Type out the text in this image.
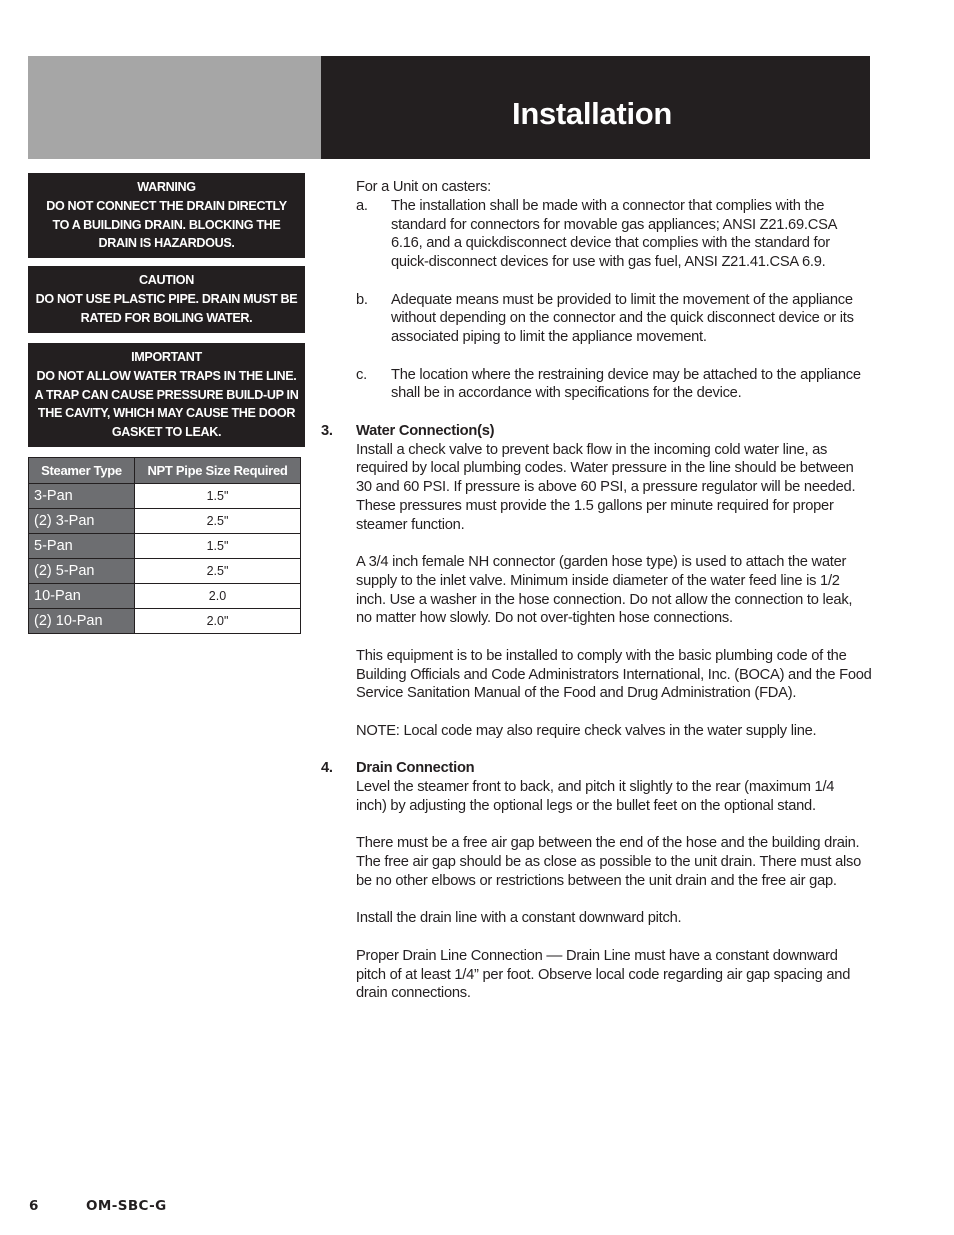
Installation
WARNING
DO NOT CONNECT THE DRAIN DIRECTLY
TO A BUILDING DRAIN. BLOCKING THE
DRAIN IS HAZARDOUS.
CAUTION
DO NOT USE PLASTIC PIPE. DRAIN MUST BE
RATED FOR BOILING WATER.
IMPORTANT
DO NOT ALLOW WATER TRAPS IN THE LINE.
A TRAP CAN CAUSE PRESSURE BUILD-UP IN
THE CAVITY, WHICH MAY CAUSE THE DOOR
GASKET TO LEAK.
Steamer Type	NPT Pipe Size Required
3-Pan	1.5"
(2) 3-Pan	2.5"
5-Pan	1.5"
(2) 5-Pan	2.5"
10-Pan	2.0
(2) 10-Pan	2.0"

For a Unit on casters:

a. The installation shall be made with a connector that complies with the
standard for connectors for movable gas appliances; ANSI Z21.69.CSA
6.16, and a quickdisconnect device that complies with the standard for
quick-disconnect devices for use with gas fuel, ANSI Z21.41.CSA 6.9.
b. Adequate means must be provided to limit the movement of the appliance
without depending on the connector and the quick disconnect device or its
associated piping to limit the appliance movement.
c. The location where the restraining device may be attached to the appliance
shall be in accordance with specifications for the device.
3. Water Connection(s)
Install a check valve to prevent back flow in the incoming cold water line, as
required by local plumbing codes. Water pressure in the line should be between
30 and 60 PSI. If pressure is above 60 PSI, a pressure regulator will be needed.
These pressures must provide the 1.5 gallons per minute required for proper
steamer function.
A 3/4 inch female NH connector (garden hose type) is used to attach the water
supply to the inlet valve. Minimum inside diameter of the water feed line is 1/2
inch. Use a washer in the hose connection. Do not allow the connection to leak,
no matter how slowly. Do not over-tighten hose connections.
This equipment is to be installed to comply with the basic plumbing code of the
Building Officials and Code Administrators International, Inc. (BOCA) and the Food
Service Sanitation Manual of the Food and Drug Administration (FDA).
NOTE: Local code may also require check valves in the water supply line.
4. Drain Connection
Level the steamer front to back, and pitch it slightly to the rear (maximum 1/4
inch) by adjusting the optional legs or the bullet feet on the optional stand.
There must be a free air gap between the end of the hose and the building drain.
The free air gap should be as close as possible to the unit drain. There must also
be no other elbows or restrictions between the unit drain and the free air gap.
Install the drain line with a constant downward pitch.
Proper Drain Line Connection –– Drain Line must have a constant downward
pitch of at least 1/4” per foot. Observe local code regarding air gap spacing and
drain connections.
6	OM-SBC-G
